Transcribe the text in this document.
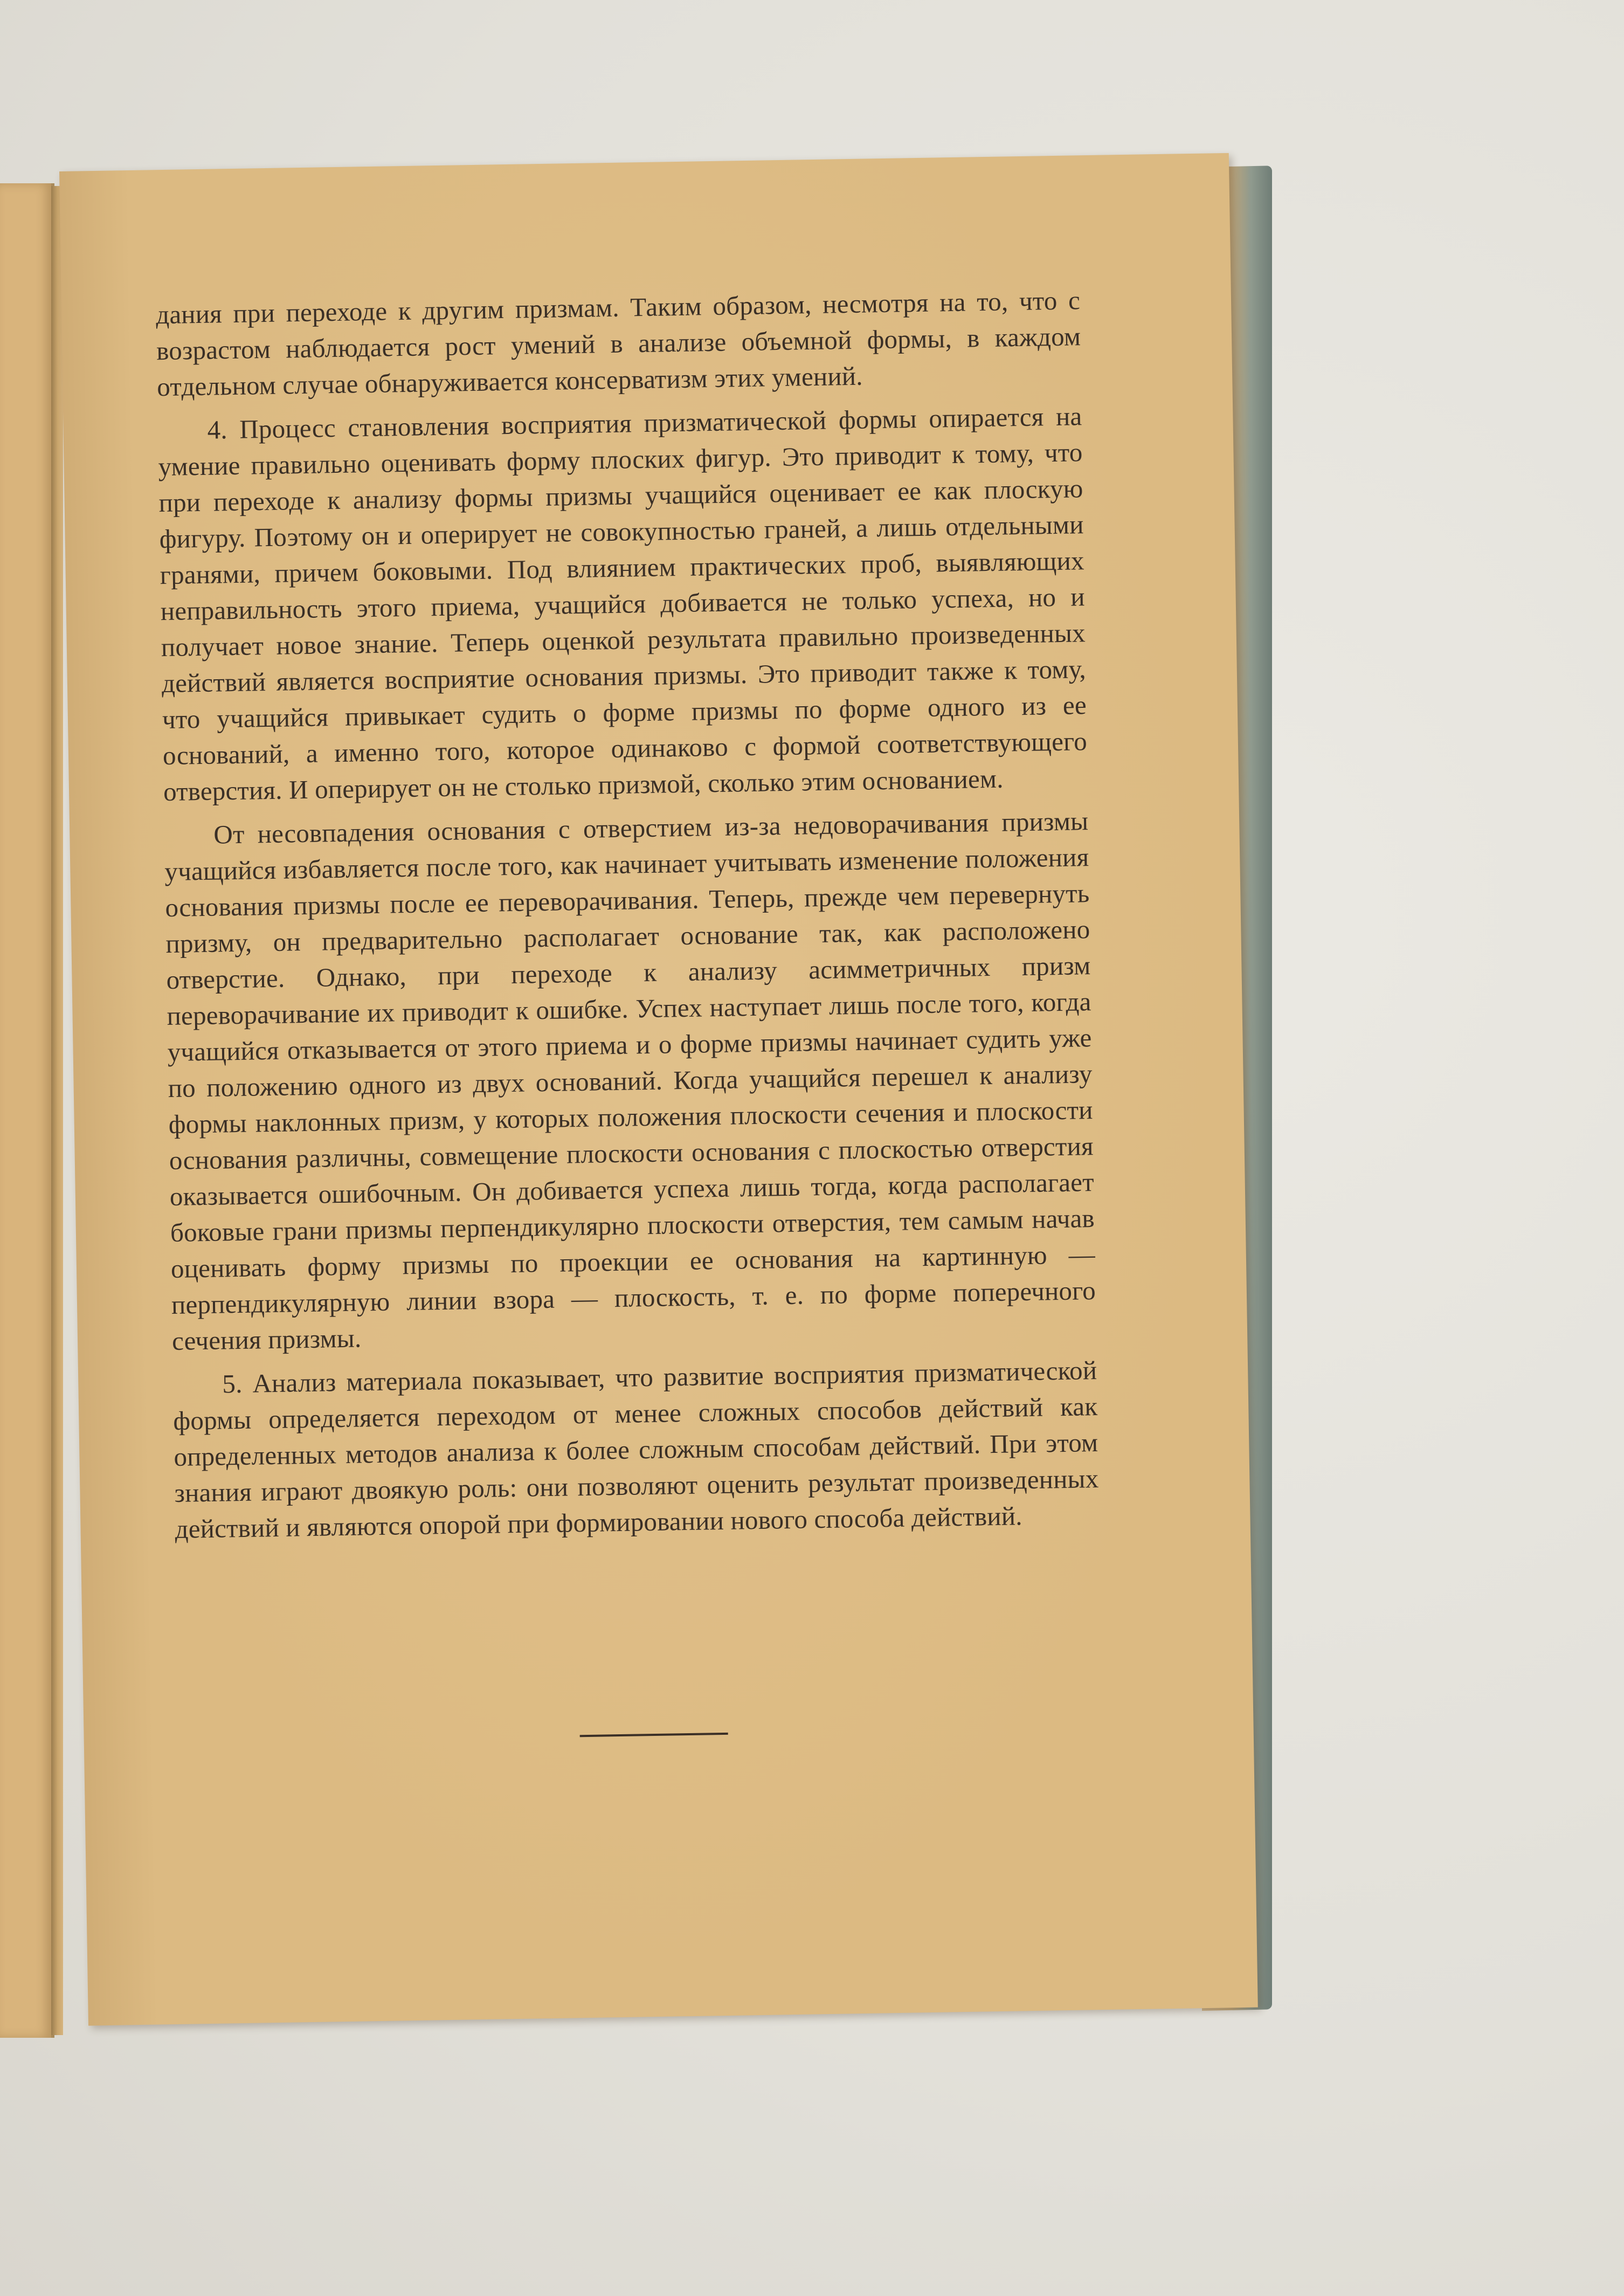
дания при переходе к другим призмам. Таким образом, несмотря на то, что с возрастом наблюдается рост умений в анализе объемной формы, в каждом отдельном случае обнаруживается консерватизм этих умений.

4. Процесс становления восприятия призматической формы опирается на умение правильно оценивать форму плоских фигур. Это приводит к тому, что при переходе к анализу формы призмы учащийся оценивает ее как плоскую фигуру. Поэтому он и оперирует не совокупностью граней, а лишь отдельными гранями, причем боковыми. Под влиянием практических проб, выявляющих неправильность этого приема, учащийся добивается не только успеха, но и получает новое знание. Теперь оценкой результата правильно произведенных действий является восприятие основания призмы. Это приводит также к тому, что учащийся привыкает судить о форме призмы по форме одного из ее оснований, а именно того, которое одинаково с формой соответствующего отверстия. И оперирует он не столько призмой, сколько этим основанием.

От несовпадения основания с отверстием из-за недоворачивания призмы учащийся избавляется после того, как начинает учитывать изменение положения основания призмы после ее переворачивания. Теперь, прежде чем перевернуть призму, он предварительно располагает основание так, как расположено отверстие. Однако, при переходе к анализу асимметричных призм переворачивание их приводит к ошибке. Успех наступает лишь после того, когда учащийся отказывается от этого приема и о форме призмы начинает судить уже по положению одного из двух оснований. Когда учащийся перешел к анализу формы наклонных призм, у которых положения плоскости сечения и плоскости основания различны, совмещение плоскости основания с плоскостью отверстия оказывается ошибочным. Он добивается успеха лишь тогда, когда располагает боковые грани призмы перпендикулярно плоскости отверстия, тем самым начав оценивать форму призмы по проекции ее основания на картинную — перпендикулярную линии взора — плоскость, т. е. по форме поперечного сечения призмы.

5. Анализ материала показывает, что развитие восприятия призматической формы определяется переходом от менее сложных способов действий как определенных методов анализа к более сложным способам действий. При этом знания играют двоякую роль: они позволяют оценить результат произведенных действий и являются опорой при формировании нового способа действий.
